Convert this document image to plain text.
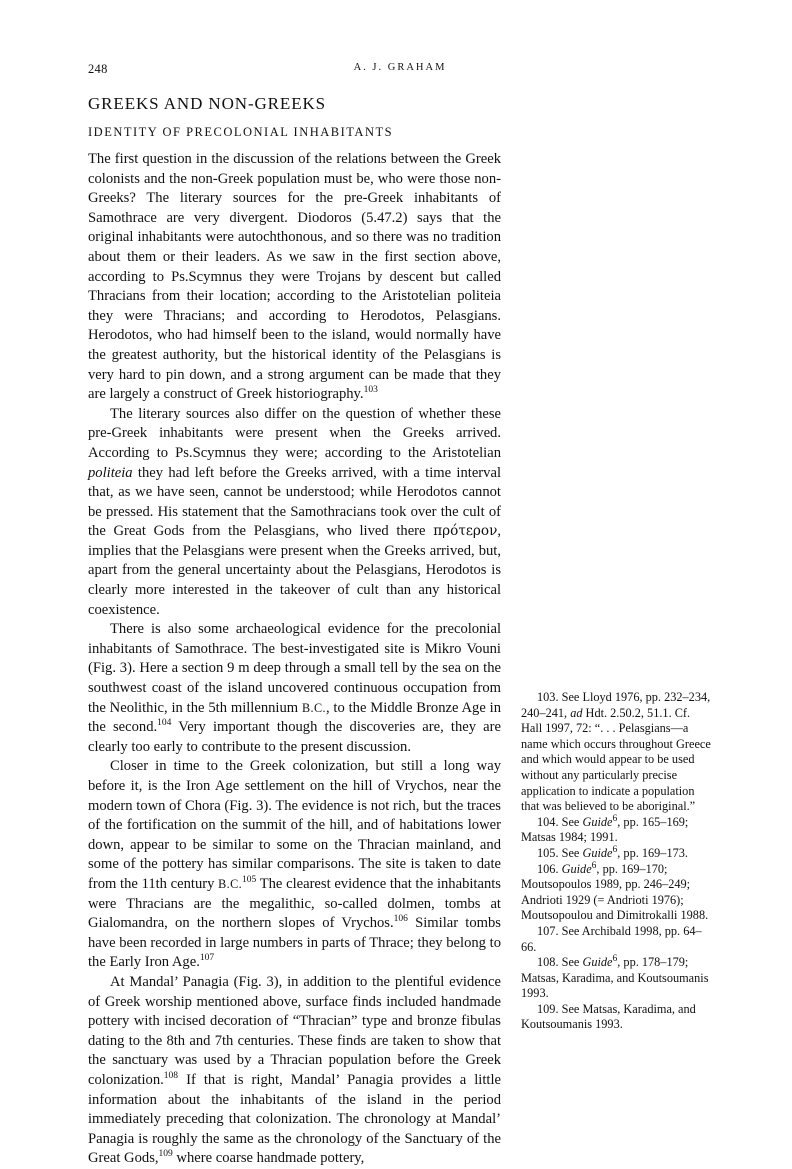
248	A. J. GRAHAM
GREEKS AND NON-GREEKS
IDENTITY OF PRECOLONIAL INHABITANTS

The first question in the discussion of the relations between the Greek colonists and the non-Greek population must be, who were those non-Greeks? The literary sources for the pre-Greek inhabitants of Samothrace are very divergent. Diodoros (5.47.2) says that the original inhabitants were autochthonous, and so there was no tradition about them or their leaders. As we saw in the first section above, according to Ps.Scymnus they were Trojans by descent but called Thracians from their location; according to the Aristotelian politeia they were Thracians; and according to Herodotos, Pelasgians. Herodotos, who had himself been to the island, would normally have the greatest authority, but the historical identity of the Pelasgians is very hard to pin down, and a strong argument can be made that they are largely a construct of Greek historiography.$^{103}$

The literary sources also differ on the question of whether these pre-Greek inhabitants were present when the Greeks arrived. According to Ps.Scymnus they were; according to the Aristotelian politeia they had left before the Greeks arrived, with a time interval that, as we have seen, cannot be understood; while Herodotos cannot be pressed. His statement that the Samothracians took over the cult of the Great Gods from the Pelasgians, who lived there πρότερον, implies that the Pelasgians were present when the Greeks arrived, but, apart from the general uncertainty about the Pelasgians, Herodotos is clearly more interested in the takeover of cult than any historical coexistence.

There is also some archaeological evidence for the precolonial inhabitants of Samothrace. The best-investigated site is Mikro Vouni (Fig. 3). Here a section 9 m deep through a small tell by the sea on the southwest coast of the island uncovered continuous occupation from the Neolithic, in the 5th millennium B.C., to the Middle Bronze Age in the second.$^{104}$ Very important though the discoveries are, they are clearly too early to contribute to the present discussion.

Closer in time to the Greek colonization, but still a long way before it, is the Iron Age settlement on the hill of Vrychos, near the modern town of Chora (Fig. 3). The evidence is not rich, but the traces of the fortification on the summit of the hill, and of habitations lower down, appear to be similar to some on the Thracian mainland, and some of the pottery has similar comparisons. The site is taken to date from the 11th century B.C.$^{105}$ The clearest evidence that the inhabitants were Thracians are the megalithic, so-called dolmen, tombs at Gialomandra, on the northern slopes of Vrychos.$^{106}$ Similar tombs have been recorded in large numbers in parts of Thrace; they belong to the Early Iron Age.$^{107}$

At Mandal’ Panagia (Fig. 3), in addition to the plentiful evidence of Greek worship mentioned above, surface finds included handmade pottery with incised decoration of “Thracian” type and bronze fibulas dating to the 8th and 7th centuries. These finds are taken to show that the sanctuary was used by a Thracian population before the Greek colonization.$^{108}$ If that is right, Mandal’ Panagia provides a little information about the inhabitants of the island in the period immediately preceding that colonization. The chronology at Mandal’ Panagia is roughly the same as the chronology of the Sanctuary of the Great Gods,$^{109}$ where coarse handmade pottery,

103. See Lloyd 1976, pp. 232–234, 240–241, ad Hdt. 2.50.2, 51.1. Cf. Hall 1997, 72: “. . . Pelasgians—a name which occurs throughout Greece and which would appear to be used without any particularly precise application to indicate a population that was believed to be aboriginal.”

104. See Guide$^6$, pp. 165–169; Matsas 1984; 1991.

105. See Guide$^6$, pp. 169–173.

106. Guide$^6$, pp. 169–170; Moutsopoulos 1989, pp. 246–249; Andrioti 1929 (= Andrioti 1976); Moutsopoulou and Dimitrokalli 1988.

107. See Archibald 1998, pp. 64–66.

108. See Guide$^6$, pp. 178–179; Matsas, Karadima, and Koutsoumanis 1993.

109. See Matsas, Karadima, and Koutsoumanis 1993.
